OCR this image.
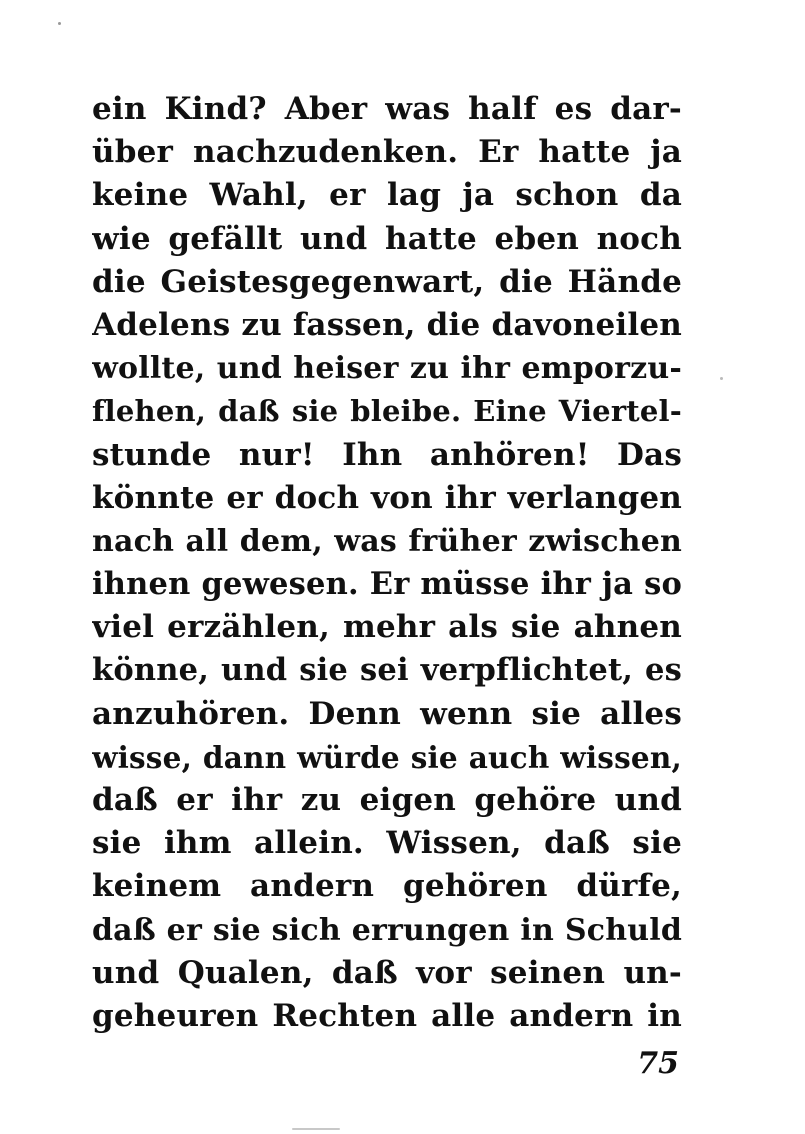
ein Kind? Aber was half es dar-
über nachzudenken. Er hatte ja
keine Wahl, er lag ja schon da
wie gefällt und hatte eben noch
die Geistesgegenwart, die Hände
Adelens zu fassen, die davoneilen
wollte, und heiser zu ihr emporzu-
flehen, daß sie bleibe. Eine Viertel-
stunde nur! Ihn anhören! Das
könnte er doch von ihr verlangen
nach all dem, was früher zwischen
ihnen gewesen. Er müsse ihr ja so
viel erzählen, mehr als sie ahnen
könne, und sie sei verpflichtet, es
anzuhören. Denn wenn sie alles
wisse, dann würde sie auch wissen,
daß er ihr zu eigen gehöre und
sie ihm allein. Wissen, daß sie
keinem andern gehören dürfe,
daß er sie sich errungen in Schuld
und Qualen, daß vor seinen un-
geheuren Rechten alle andern in
75
